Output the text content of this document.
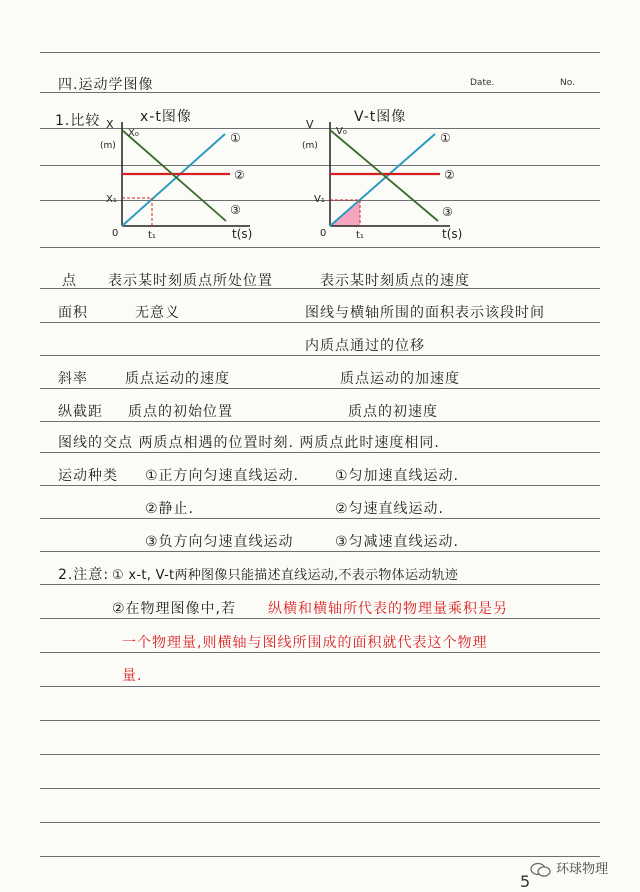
四.运动学图像	Date.	No.
1.比较	x-t图像	V-t图像
X
(m)
X₀
X₁
0	t₁	t(s)
①
②
③
V
(m)
V₀
V₁
0	t₁	t(s)
①
②
③
点 表示某时刻质点所处位置	表示某时刻质点的速度
面积	无意义	图线与横轴所围的面积表示该段时间
内质点通过的位移
斜率	质点运动的速度	质点运动的加速度
纵截距 质点的初始位置	质点的初速度
图线的交点 两质点相遇的位置时刻. 两质点此时速度相同.
运动种类 ①正方向匀速直线运动.	①匀加速直线运动.
②静止.	②匀速直线运动.
③负方向匀速直线运动	③匀减速直线运动.
2.注意: ① x-t, V-t两种图像只能描述直线运动,不表示物体运动轨迹
②在物理图像中,若 纵横和横轴所代表的物理量乘积是另
一个物理量,则横轴与图线所围成的面积就代表这个物理
量.
环球物理
5
